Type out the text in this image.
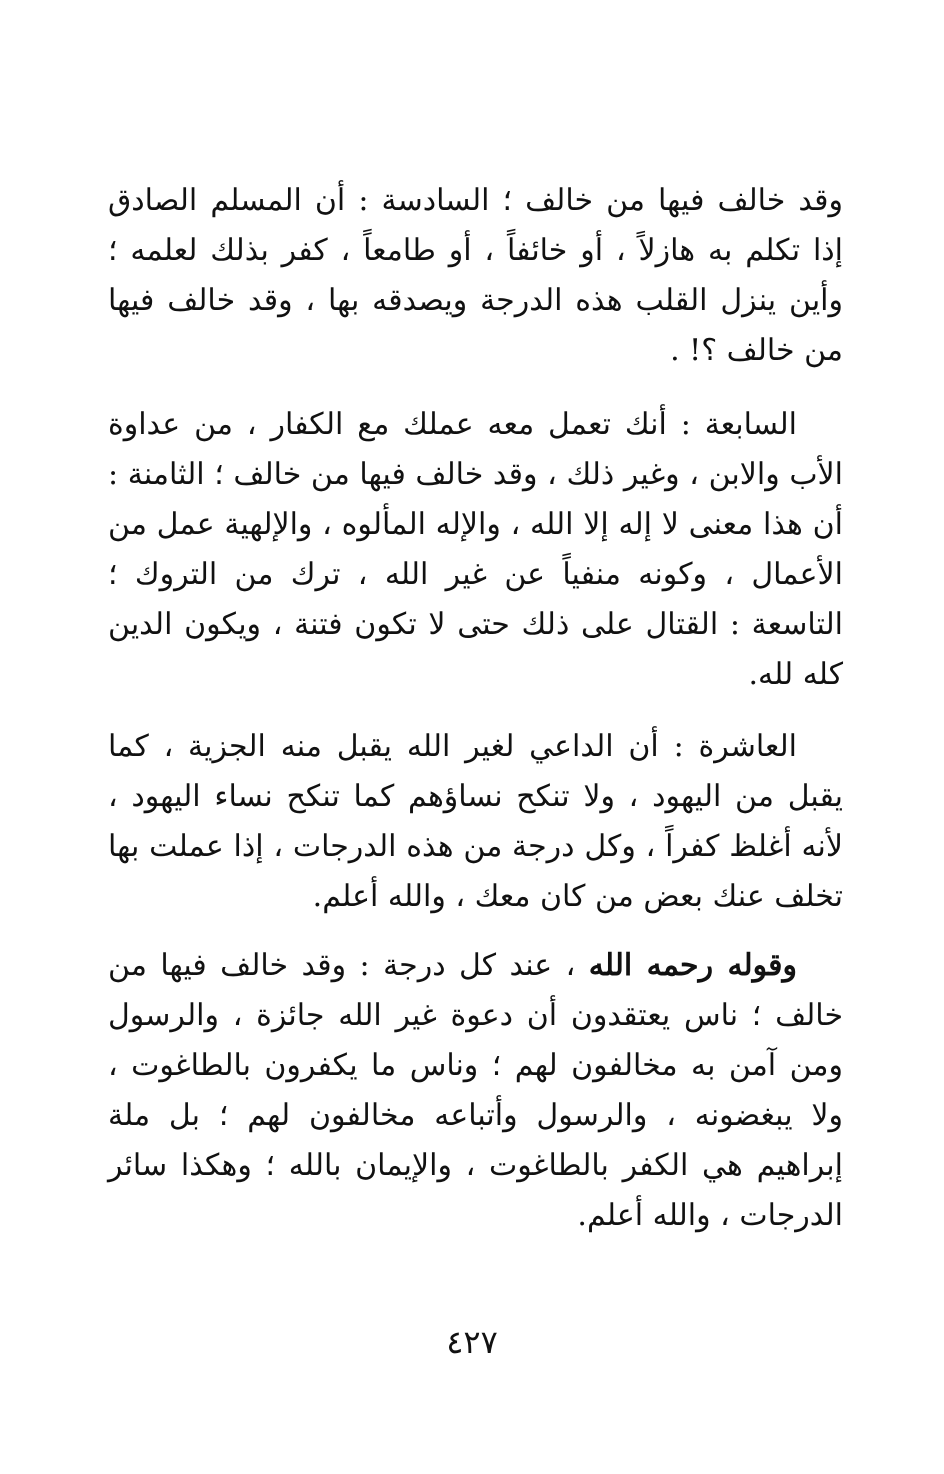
وقد خالف فيها من خالف ؛ السادسة : أن المسلم الصادق إذا تكلم به هازلاً ، أو خائفاً ، أو طامعاً ، كفر بذلك لعلمه ؛ وأين ينزل القلب هذه الدرجة ويصدقه بها ، وقد خالف فيها من خالف ؟! .

السابعة : أنك تعمل معه عملك مع الكفار ، من عداوة الأب والابن ، وغير ذلك ، وقد خالف فيها من خالف ؛ الثامنة : أن هذا معنى لا إله إلا الله ، والإله المألوه ، والإلهية عمل من الأعمال ، وكونه منفياً عن غير الله ، ترك من التروك ؛ التاسعة : القتال على ذلك حتى لا تكون فتنة ، ويكون الدين كله لله.

العاشرة : أن الداعي لغير الله يقبل منه الجزية ، كما يقبل من اليهود ، ولا تنكح نساؤهم كما تنكح نساء اليهود ، لأنه أغلظ كفراً ، وكل درجة من هذه الدرجات ، إذا عملت بها تخلف عنك بعض من كان معك ، والله أعلم.

وقوله رحمه الله ، عند كل درجة : وقد خالف فيها من خالف ؛ ناس يعتقدون أن دعوة غير الله جائزة ، والرسول ومن آمن به مخالفون لهم ؛ وناس ما يكفرون بالطاغوت ، ولا يبغضونه ، والرسول وأتباعه مخالفون لهم ؛ بل ملة إبراهيم هي الكفر بالطاغوت ، والإيمان بالله ؛ وهكذا سائر الدرجات ، والله أعلم.

٤٢٧
